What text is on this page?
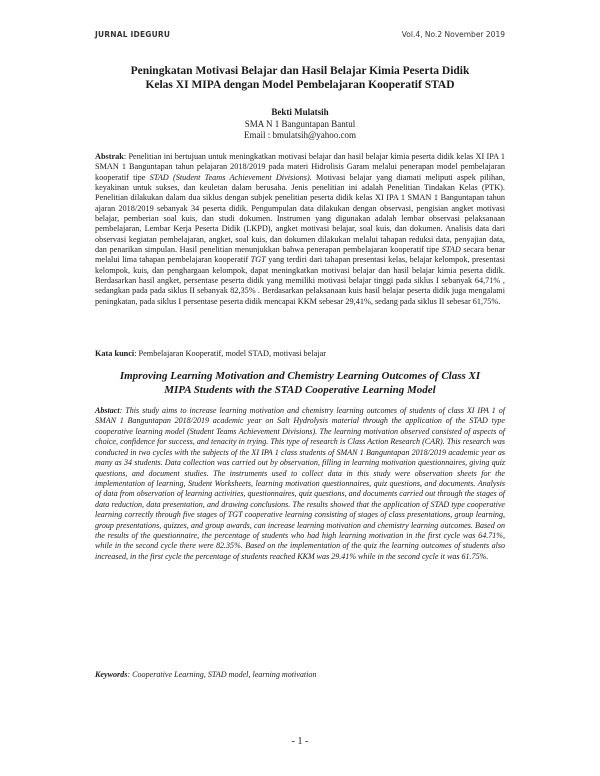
JURNAL IDEGURU	Vol.4, No.2 November 2019
Peningkatan Motivasi Belajar dan Hasil Belajar Kimia Peserta Didik
Kelas XI MIPA dengan Model Pembelajaran Kooperatif STAD
Bekti Mulatsih
SMA N 1 Banguntapan Bantul
Email : bmulatsih@yahoo.com

Abstrak: Penelitian ini bertujuan untuk meningkatkan motivasi belajar dan hasil belajar kimia peserta didik kelas XI IPA 1 SMAN 1 Banguntapan tahun pelajaran 2018/2019 pada materi Hidrolisis Garam melalui penerapan model pembelajaran kooperatif tipe STAD (Student Teams Achievement Divisions). Motivasi belajar yang diamati meliputi aspek pilihan, keyakinan untuk sukses, dan keuletan dalam berusaha. Jenis penelitian ini adalah Penelitian Tindakan Kelas (PTK). Penelitian dilakukan dalam dua siklus dengan subjek penelitian peserta didik kelas XI IPA 1 SMAN 1 Banguntapan tahun ajaran 2018/2019 sebanyak 34 peserta didik. Pengumpulan data dilakukan dengan observasi, pengisian angket motivasi belajar, pemberian soal kuis, dan studi dokumen. Instrumen yang digunakan adalah lembar observasi pelaksanaan pembelajaran, Lembar Kerja Peserta Didik (LKPD), angket motivasi belajar, soal kuis, dan dokumen. Analisis data dari observasi kegiatan pembelajaran, angket, soal kuis, dan dokumen dilakukan melalui tahapan reduksi data, penyajian data, dan penarikan simpulan. Hasil penelitian menunjukkan bahwa penerapan pembelajaran kooperatif tipe STAD secara benar melalui lima tahapan pembelajaran kooperatif TGT yang terdiri dari tahapan presentasi kelas, belajar kelompok, presentasi kelompok, kuis, dan penghargaan kelompok, dapat meningkatkan motivasi belajar dan hasil belajar kimia peserta didik. Berdasarkan hasil angket, persentase peserta didik yang memiliki motivasi belajar tinggi pada siklus I sebanyak 64,71% , sedangkan pada pada siklus II sebanyak 82,35% . Berdasarkan pelaksanaan kuis hasil belajar peserta didik juga mengalami peningkatan, pada siklus I persentase peserta didik mencapai KKM sebesar 29,41%, sedang pada siklus II sebesar 61,75%.

Kata kunci: Pembelajaran Kooperatif, model STAD, motivasi belajar

Improving Learning Motivation and Chemistry Learning Outcomes of Class XI
MIPA Students with the STAD Cooperative Learning Model

Abstact: This study aims to increase learning motivation and chemistry learning outcomes of students of class XI IPA 1 of SMAN 1 Banguntapan 2018/2019 academic year on Salt Hydrolysis material through the application of the STAD type cooperative learning model (Student Teams Achievement Divisions). The learning motivation observed consisted of aspects of choice, confidence for success, and tenacity in trying. This type of research is Class Action Research (CAR). This research was conducted in two cycles with the subjects of the XI IPA 1 class students of SMAN 1 Banguntapan 2018/2019 academic year as many as 34 students. Data collection was carried out by observation, filling in learning motivation questionnaires, giving quiz questions, and document studies. The instruments used to collect data in this study were observation sheets for the implementation of learning, Student Worksheets, learning motivation questionnaires, quiz questions, and documents. Analysis of data from observation of learning activities, questionnaires, quiz questions, and documents carried out through the stages of data reduction, data presentation, and drawing conclusions. The results showed that the application of STAD type cooperative learning correctly through five stages of TGT cooperative learning consisting of stages of class presentations, group learning, group presentations, quizzes, and group awards, can increase learning motivation and chemistry learning outcomes. Based on the results of the questionnaire, the percentage of students who had high learning motivation in the first cycle was 64.71%, while in the second cycle there were 82.35%. Based on the implementation of the quiz the learning outcomes of students also increased, in the first cycle the percentage of students reached KKM was 29.41% while in the second cycle it was 61.75%.

Keywords: Cooperative Learning, STAD model, learning motivation

- 1 -
